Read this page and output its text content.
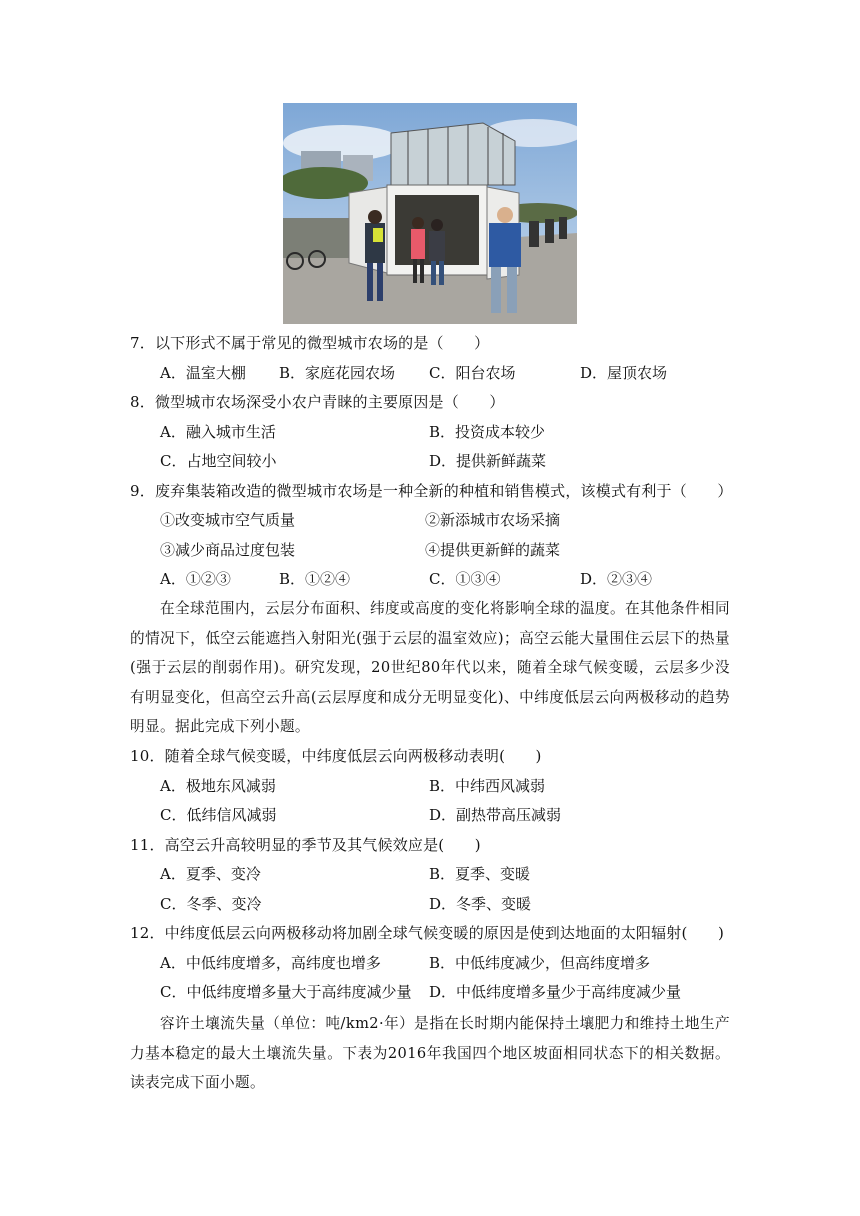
7．以下形式不属于常见的微型城市农场的是（　　）
A．温室大棚 B．家庭花园农场 C．阳台农场	D．屋顶农场
8．微型城市农场深受小农户青睐的主要原因是（　　）
A．融入城市生活	B．投资成本较少
C．占地空间较小	D．提供新鲜蔬菜
9．废弃集装箱改造的微型城市农场是一种全新的种植和销售模式，该模式有利于（　　）
①改变城市空气质量	②新添城市农场采摘
③减少商品过度包装	④提供更新鲜的蔬菜
A．①②③	B．①②④	C．①③④	D．②③④
在全球范围内，云层分布面积、纬度或高度的变化将影响全球的温度。在其他条件相同的情况下，低空云能遮挡入射阳光(强于云层的温室效应)；高空云能大量围住云层下的热量(强于云层的削弱作用)。研究发现，20世纪80年代以来，随着全球气候变暖，云层多少没有明显变化，但高空云升高(云层厚度和成分无明显变化)、中纬度低层云向两极移动的趋势明显。据此完成下列小题。
10．随着全球气候变暖，中纬度低层云向两极移动表明(　　)
A．极地东风减弱	B．中纬西风减弱
C．低纬信风减弱	D．副热带高压减弱
11．高空云升高较明显的季节及其气候效应是(　　)
A．夏季、变冷	B．夏季、变暖
C．冬季、变冷	D．冬季、变暖
12．中纬度低层云向两极移动将加剧全球气候变暖的原因是使到达地面的太阳辐射(　　)
A．中低纬度增多，高纬度也增多	B．中低纬度减少，但高纬度增多
C．中低纬度增多量大于高纬度减少量 D．中低纬度增多量少于高纬度减少量
容许土壤流失量（单位：吨/km2·年）是指在长时期内能保持土壤肥力和维持土地生产力基本稳定的最大土壤流失量。下表为2016年我国四个地区坡面相同状态下的相关数据。读表完成下面小题。
